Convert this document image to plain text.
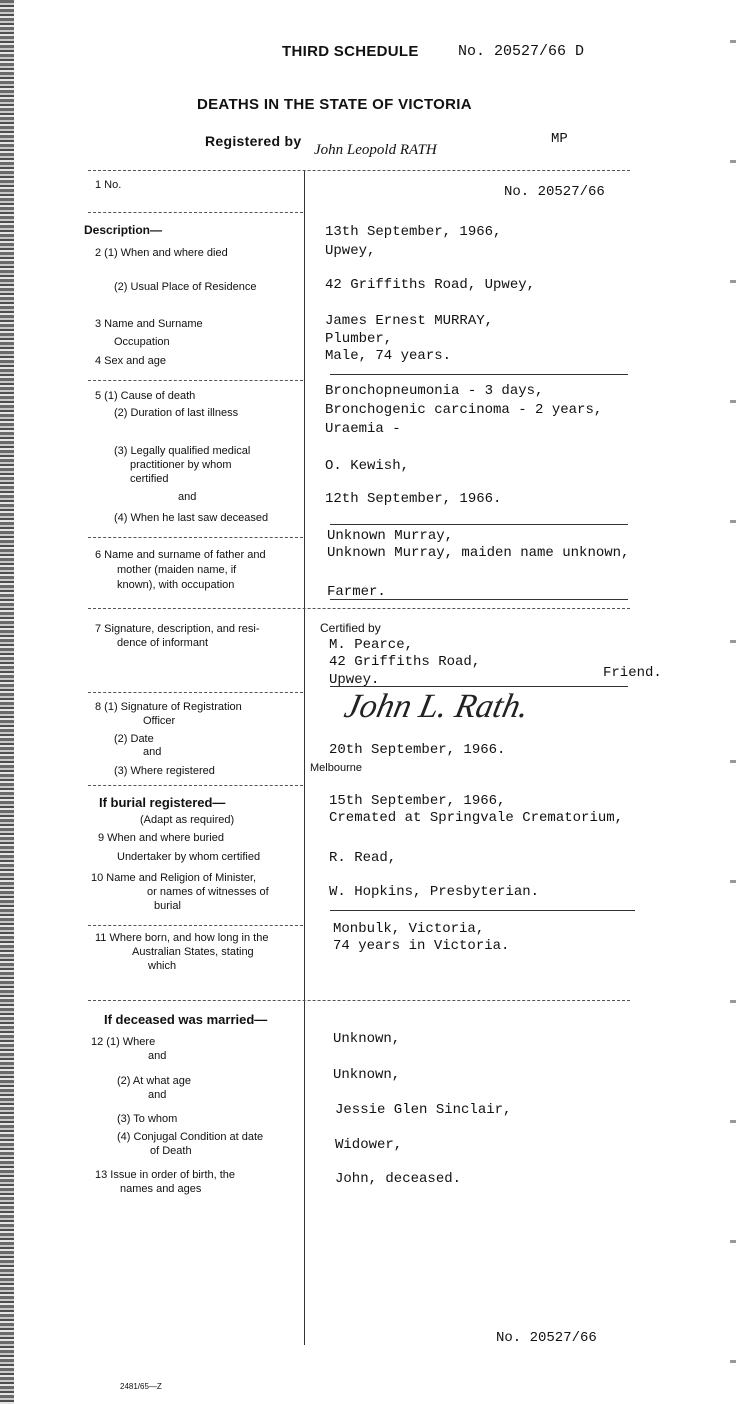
THIRD SCHEDULE	No. 20527/66 D
DEATHS IN THE STATE OF VICTORIA
Registered by
John Leopold RATH
MP
1 No.
Description—
2 (1) When and where died
(2) Usual Place of Residence
3 Name and Surname
Occupation
4 Sex and age
5 (1) Cause of death
(2) Duration of last illness
(3) Legally qualified medical
practitioner by whom
certified
and
(4) When he last saw deceased
6 Name and surname of father and
mother (maiden name, if
known), with occupation
7 Signature, description, and resi-
dence of informant
8 (1) Signature of Registration
Officer
(2) Date
and
(3) Where registered
If burial registered—
(Adapt as required)
9 When and where buried
Undertaker by whom certified
10 Name and Religion of Minister,
or names of witnesses of
burial
11 Where born, and how long in the
Australian States, stating
which
If deceased was married—
12 (1) Where
and
(2) At what age
and
(3) To whom
(4) Conjugal Condition at date
of Death
13 Issue in order of birth, the
names and ages
2481/65—Z
No. 20527/66
13th September, 1966,
Upwey,
42 Griffiths Road, Upwey,
James Ernest MURRAY,
Plumber,
Male, 74 years.
Bronchopneumonia - 3 days,
Bronchogenic carcinoma - 2 years,
Uraemia -
O. Kewish,
12th September, 1966.
Unknown Murray,
Unknown Murray, maiden name unknown,
Farmer.
Certified by
M. Pearce,
42 Griffiths Road,
Upwey.	Friend.
John L. Rath.
20th September, 1966.
Melbourne
15th September, 1966,
Cremated at Springvale Crematorium,
R. Read,
W. Hopkins, Presbyterian.
Monbulk, Victoria,
74 years in Victoria.
Unknown,
Unknown,
Jessie Glen Sinclair,
Widower,
John, deceased.
No. 20527/66
